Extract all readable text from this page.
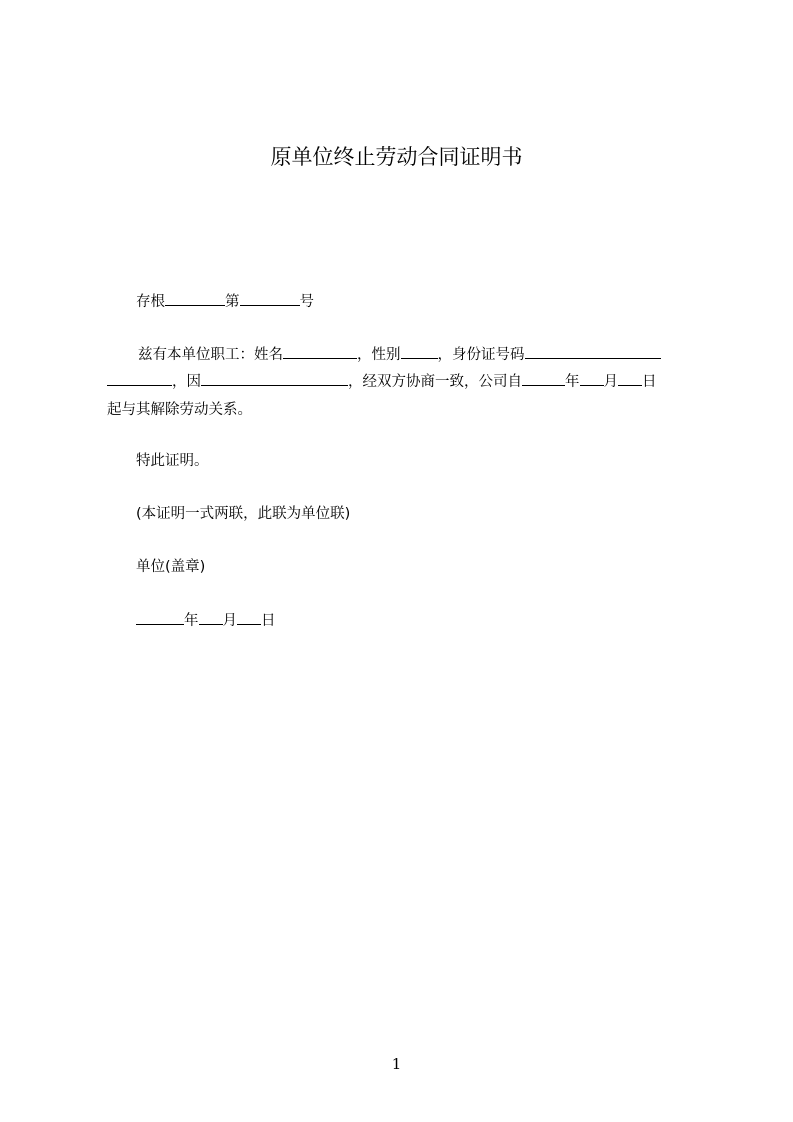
原单位终止劳动合同证明书
存根	第	号
兹有本单位职工：姓名	，性别	，身份证号码
，因	，经双方协商一致，公司自	年 月 日
起与其解除劳动关系。
特此证明。
(本证明一式两联，此联为单位联)
单位(盖章)
年 月 日
1
